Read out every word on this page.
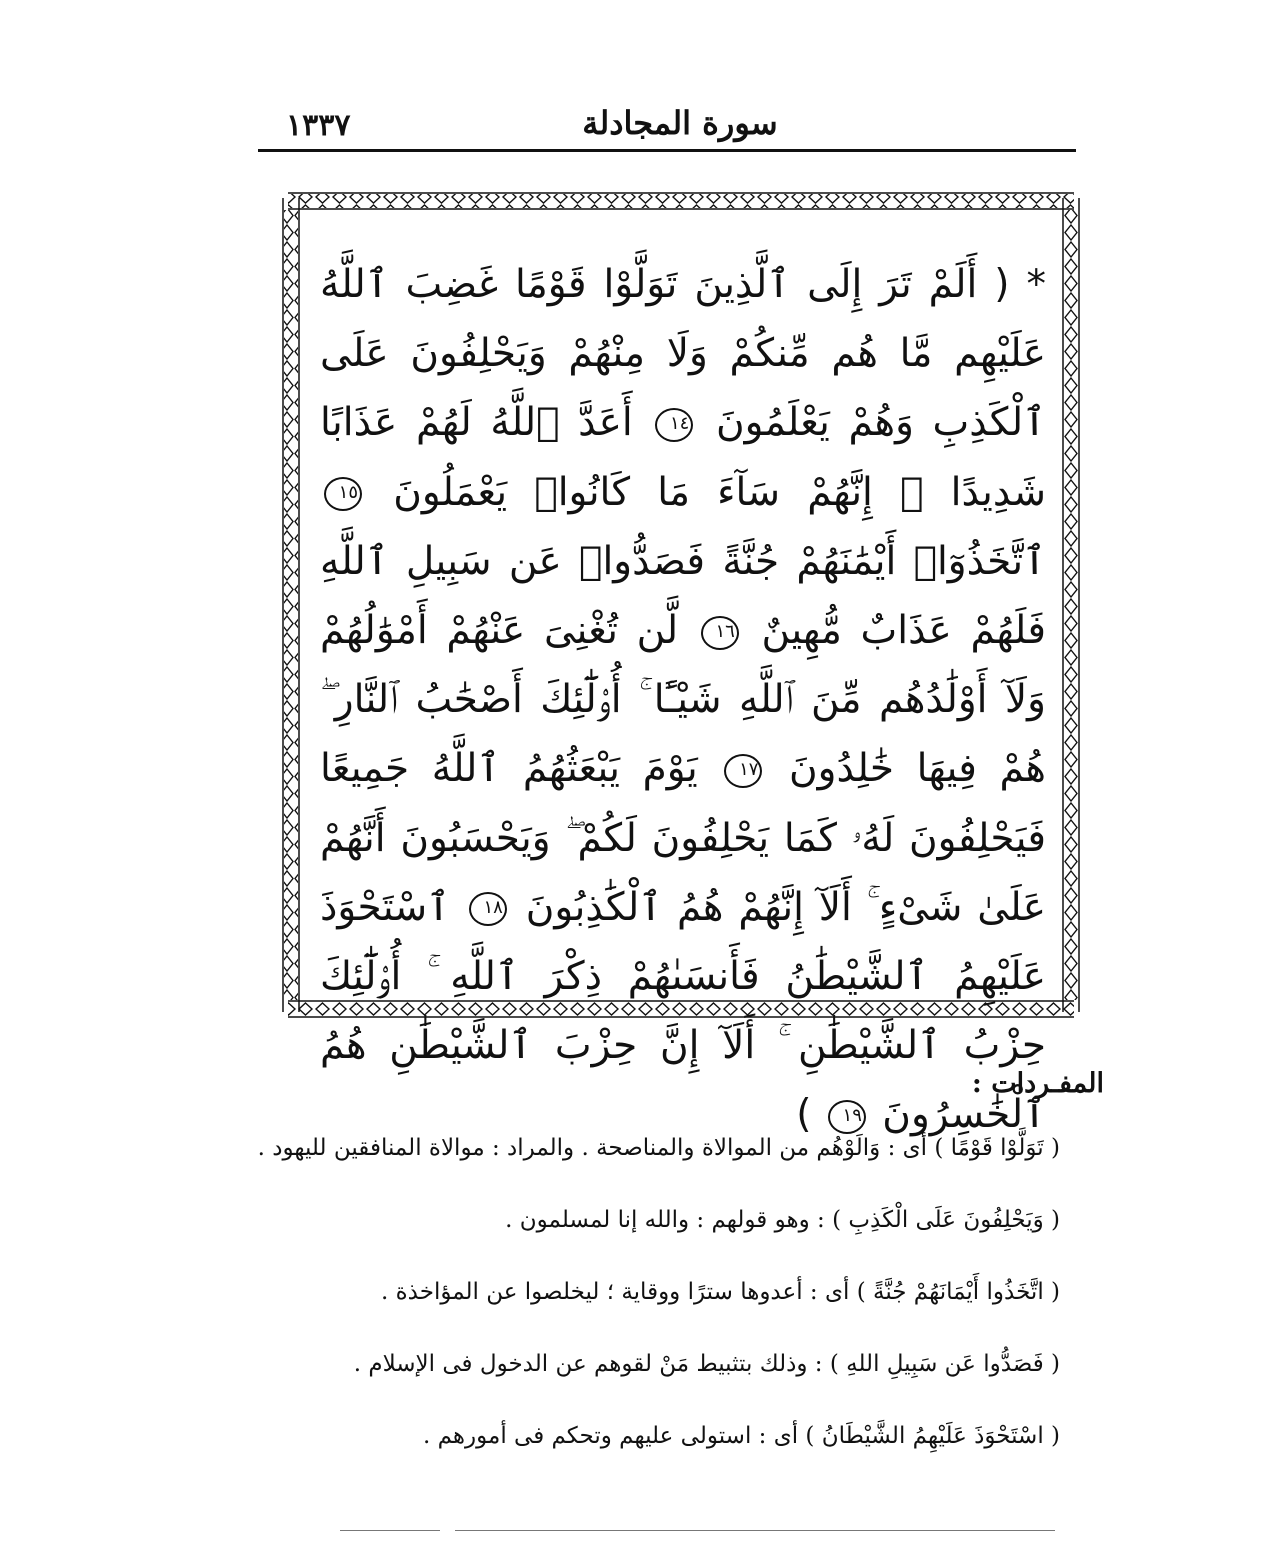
١٣٣٧	سورة المجادلة
* ( أَلَمْ تَرَ إِلَى ٱلَّذِينَ تَوَلَّوْا قَوْمًا غَضِبَ ٱللَّهُ عَلَيْهِم مَّا هُم مِّنكُمْ وَلَا مِنْهُمْ وَيَحْلِفُونَ عَلَى ٱلْكَذِبِ وَهُمْ يَعْلَمُونَ ١٤ أَعَدَّ ٱللَّهُ لَهُمْ عَذَابًا شَدِيدًا ۖ إِنَّهُمْ سَآءَ مَا كَانُوا۟ يَعْمَلُونَ ١٥ ٱتَّخَذُوٓا۟ أَيْمَٰنَهُمْ جُنَّةً فَصَدُّوا۟ عَن سَبِيلِ ٱللَّهِ فَلَهُمْ عَذَابٌ مُّهِينٌ ١٦ لَّن تُغْنِىَ عَنْهُمْ أَمْوَٰلُهُمْ وَلَآ أَوْلَٰدُهُم مِّنَ ٱللَّهِ شَيْـًٔا ۚ أُو۟لَٰٓئِكَ أَصْحَٰبُ ٱلنَّارِ ۖ هُمْ فِيهَا خَٰلِدُونَ ١٧ يَوْمَ يَبْعَثُهُمُ ٱللَّهُ جَمِيعًا فَيَحْلِفُونَ لَهُۥ كَمَا يَحْلِفُونَ لَكُمْ ۖ وَيَحْسَبُونَ أَنَّهُمْ عَلَىٰ شَىْءٍ ۚ أَلَآ إِنَّهُمْ هُمُ ٱلْكَٰذِبُونَ ١٨ ٱسْتَحْوَذَ عَلَيْهِمُ ٱلشَّيْطَٰنُ فَأَنسَىٰهُمْ ذِكْرَ ٱللَّهِ ۚ أُو۟لَٰٓئِكَ حِزْبُ ٱلشَّيْطَٰنِ ۚ أَلَآ إِنَّ حِزْبَ ٱلشَّيْطَٰنِ هُمُ ٱلْخَٰسِرُونَ ١٩ )
المفـردات :
( تَوَلَّوْا قَوْمًا ) أى : وَالَوْهُم من الموالاة والمناصحة . والمراد : موالاة المنافقين لليهود .
( وَيَحْلِفُونَ عَلَى الْكَذِبِ ) : وهو قولهم : والله إنا لمسلمون .
( اتَّخَذُوا أَيْمَانَهُمْ جُنَّةً ) أى : أعدوها سترًا ووقاية ؛ ليخلصوا عن المؤاخذة .
( فَصَدُّوا عَن سَبِيلِ اللهِ ) : وذلك بتثبيط مَنْ لقوهم عن الدخول فى الإسلام .
( اسْتَحْوَذَ عَلَيْهِمُ الشَّيْطَانُ ) أى : استولى عليهم وتحكم فى أمورهم .
